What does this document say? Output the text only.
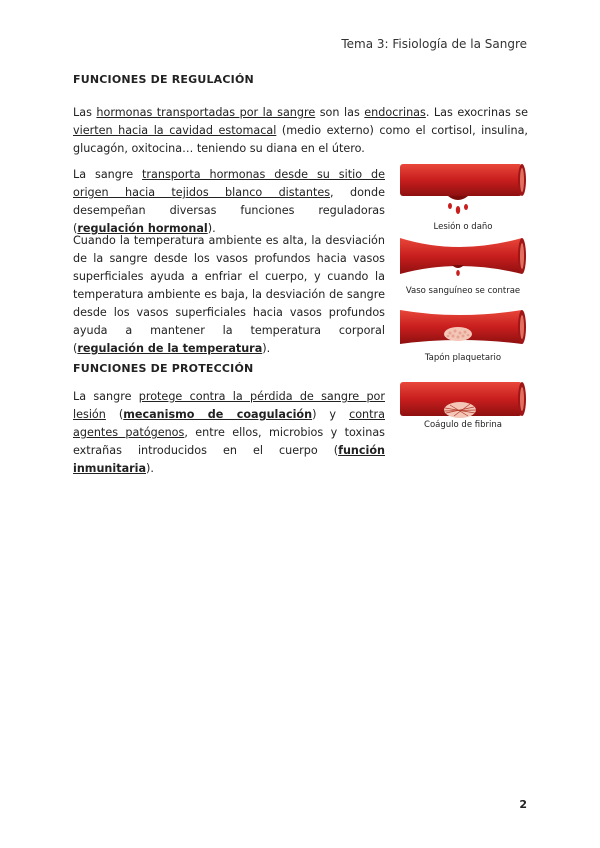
Tema 3: Fisiología de la Sangre
FUNCIONES DE REGULACIÓN
Las hormonas transportadas por la sangre son las endocrinas. Las exocrinas se vierten hacia la cavidad estomacal (medio externo) como el cortisol, insulina, glucagón, oxitocina… teniendo su diana en el útero.
La sangre transporta hormonas desde su sitio de origen hacia tejidos blanco distantes, donde desempeñan diversas funciones reguladoras (regulación hormonal).
Cuando la temperatura ambiente es alta, la desviación de la sangre desde los vasos profundos hacia vasos superficiales ayuda a enfriar el cuerpo, y cuando la temperatura ambiente es baja, la desviación de sangre desde los vasos superficiales hacia vasos profundos ayuda a mantener la temperatura corporal (regulación de la temperatura).
FUNCIONES DE PROTECCIÓN
La sangre protege contra la pérdida de sangre por lesión (mecanismo de coagulación) y contra agentes patógenos, entre ellos, microbios y toxinas extrañas introducidos en el cuerpo (función inmunitaria).
Lesión o daño
Vaso sanguíneo se contrae
Tapón plaquetario
Coágulo de fibrina
2
